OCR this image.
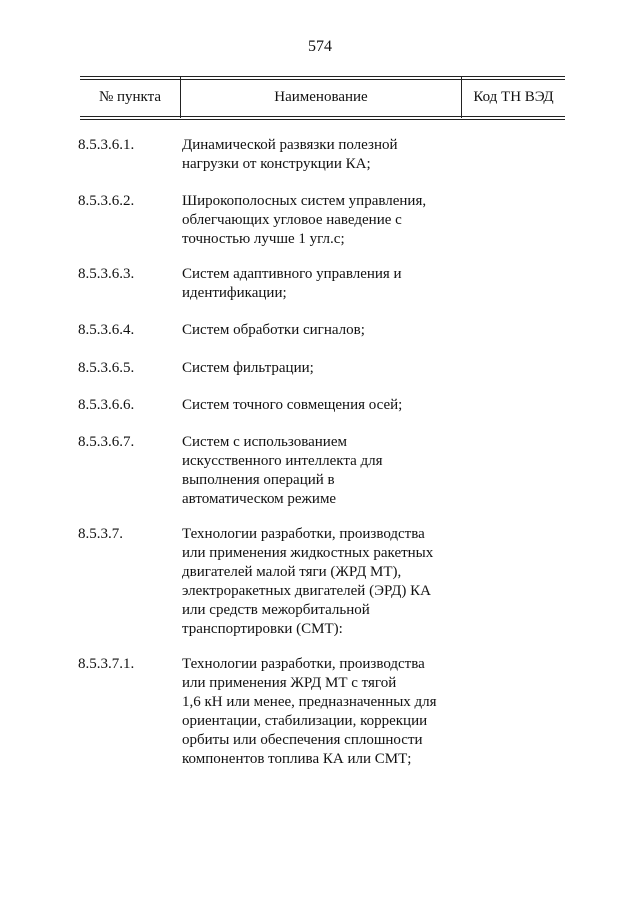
574
№ пункта	Наименование	Код ТН ВЭД
8.5.3.6.1.	Динамической развязки полезной
нагрузки от конструкции КА;
8.5.3.6.2.	Широкополосных систем управления,
облегчающих угловое наведение с
точностью лучше 1 угл.с;
8.5.3.6.3.	Систем адаптивного управления и
идентификации;
8.5.3.6.4.	Систем обработки сигналов;
8.5.3.6.5.	Систем фильтрации;
8.5.3.6.6.	Систем точного совмещения осей;
8.5.3.6.7.	Систем с использованием
искусственного интеллекта для
выполнения операций в
автоматическом режиме
8.5.3.7.	Технологии разработки, производства
или применения жидкостных ракетных
двигателей малой тяги (ЖРД МТ),
электроракетных двигателей (ЭРД) КА
или средств межорбитальной
транспортировки (СМТ):
8.5.3.7.1.	Технологии разработки, производства
или применения ЖРД МТ с тягой
1,6 кН или менее, предназначенных для
ориентации, стабилизации, коррекции
орбиты или обеспечения сплошности
компонентов топлива КА или СМТ;
